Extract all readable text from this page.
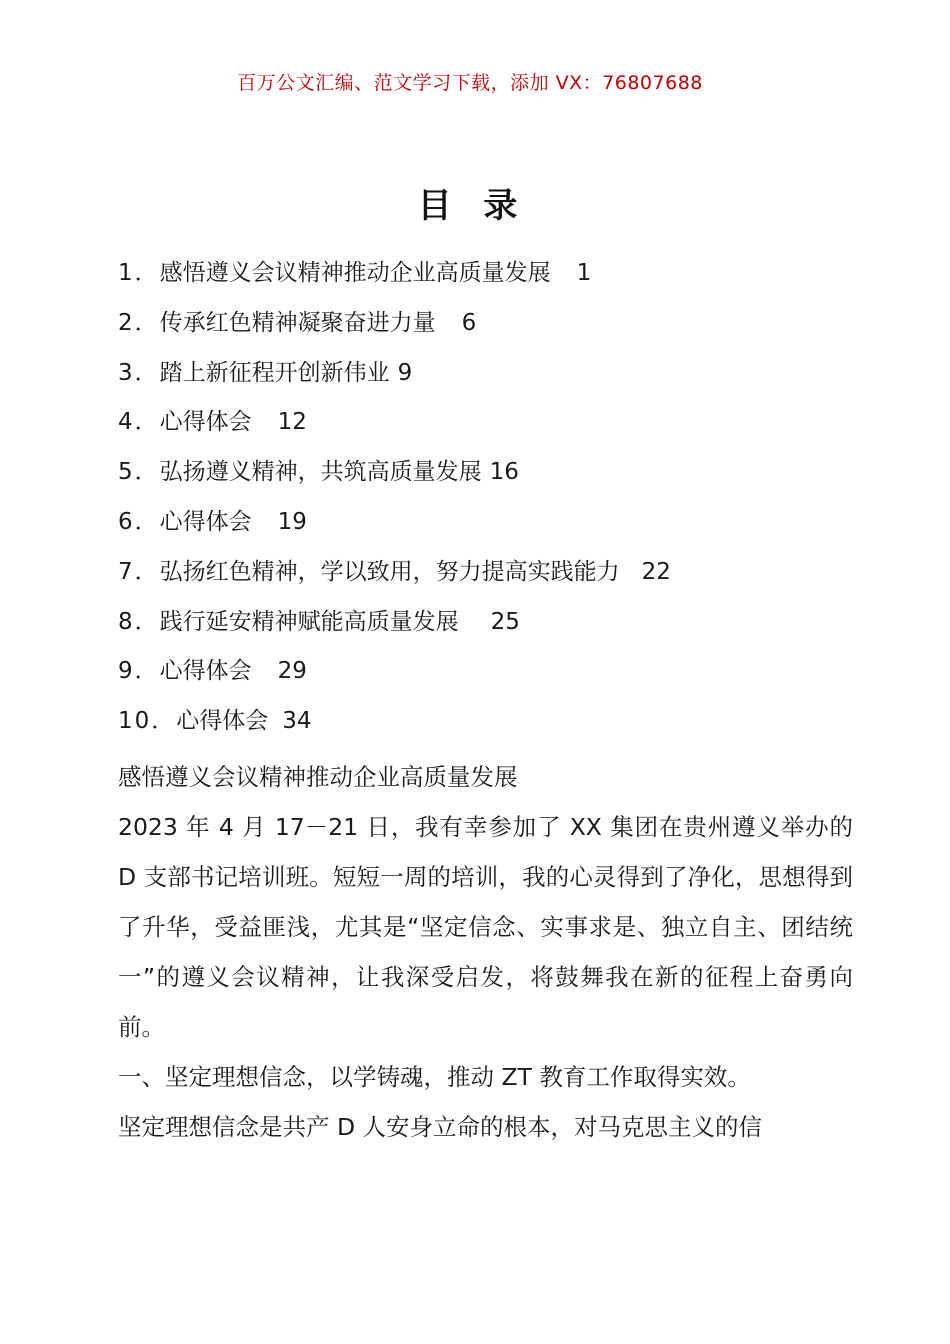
百万公文汇编、范文学习下载，添加 VX：76807688
目 录
1．感悟遵义会议精神推动企业高质量发展 1
2．传承红色精神凝聚奋进力量 6
3．踏上新征程开创新伟业 9
4．心得体会 12
5．弘扬遵义精神，共筑高质量发展 16
6．心得体会 19
7．弘扬红色精神，学以致用，努力提高实践能力 22
8．践行延安精神赋能高质量发展 25
9．心得体会 29
10．心得体会 34

感悟遵义会议精神推动企业高质量发展

2023 年 4 月 17－21 日，我有幸参加了 XX 集团在贵州遵义举办的 D 支部书记培训班。短短一周的培训，我的心灵得到了净化，思想得到了升华，受益匪浅，尤其是“坚定信念、实事求是、独立自主、团结统一”的遵义会议精神，让我深受启发，将鼓舞我在新的征程上奋勇向前。

一、坚定理想信念，以学铸魂，推动 ZT 教育工作取得实效。

坚定理想信念是共产 D 人安身立命的根本，对马克思主义的信
